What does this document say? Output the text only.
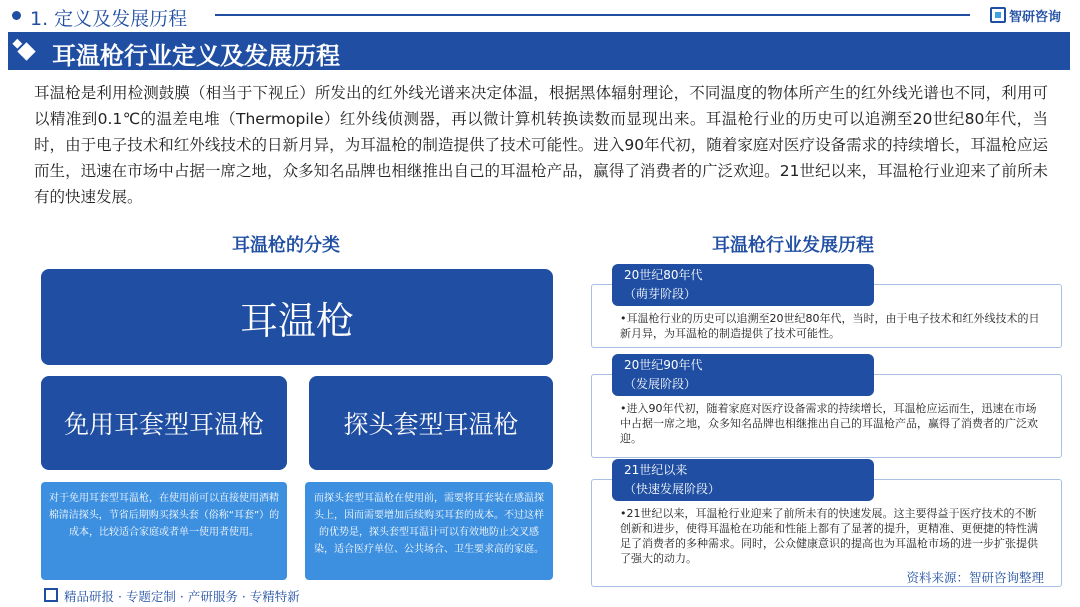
1. 定义及发展历程	智研咨询
耳温枪行业定义及发展历程

耳温枪是利用检测鼓膜（相当于下视丘）所发出的红外线光谱来决定体温，根据黑体辐射理论，不同温度的物体所产生的红外线光谱也不同，利用可以精准到0.1℃的温差电堆（Thermopile）红外线侦测器，再以微计算机转换读数而显现出来。耳温枪行业的历史可以追溯至20世纪80年代，当时，由于电子技术和红外线技术的日新月异，为耳温枪的制造提供了技术可能性。进入90年代初，随着家庭对医疗设备需求的持续增长，耳温枪应运而生，迅速在市场中占据一席之地，众多知名品牌也相继推出自己的耳温枪产品，赢得了消费者的广泛欢迎。21世纪以来，耳温枪行业迎来了前所未有的快速发展。

耳温枪的分类
耳温枪
免用耳套型耳温枪	探头套型耳温枪
对于免用耳套型耳温枪，在使用前可以直接使用酒精棉清洁探头，节省后期购买探头套（俗称“耳套”）的成本，比较适合家庭或者单一使用者使用。
而探头套型耳温枪在使用前，需要将耳套装在感温探头上，因而需要增加后续购买耳套的成本。不过这样的优势是，探头套型耳温计可以有效地防止交叉感染，适合医疗单位、公共场合、卫生要求高的家庭。
耳温枪行业发展历程
20世纪80年代
（萌芽阶段）
•耳温枪行业的历史可以追溯至20世纪80年代，当时，由于电子技术和红外线技术的日新月异，为耳温枪的制造提供了技术可能性。
20世纪90年代
（发展阶段）
•进入90年代初，随着家庭对医疗设备需求的持续增长，耳温枪应运而生，迅速在市场中占据一席之地，众多知名品牌也相继推出自己的耳温枪产品，赢得了消费者的广泛欢迎。
21世纪以来
（快速发展阶段）
•21世纪以来，耳温枪行业迎来了前所未有的快速发展。这主要得益于医疗技术的不断创新和进步，使得耳温枪在功能和性能上都有了显著的提升，更精准、更便捷的特性满足了消费者的多种需求。同时，公众健康意识的提高也为耳温枪市场的进一步扩张提供了强大的动力。
资料来源：智研咨询整理
精品研报 · 专题定制 · 产研服务 · 专精特新
